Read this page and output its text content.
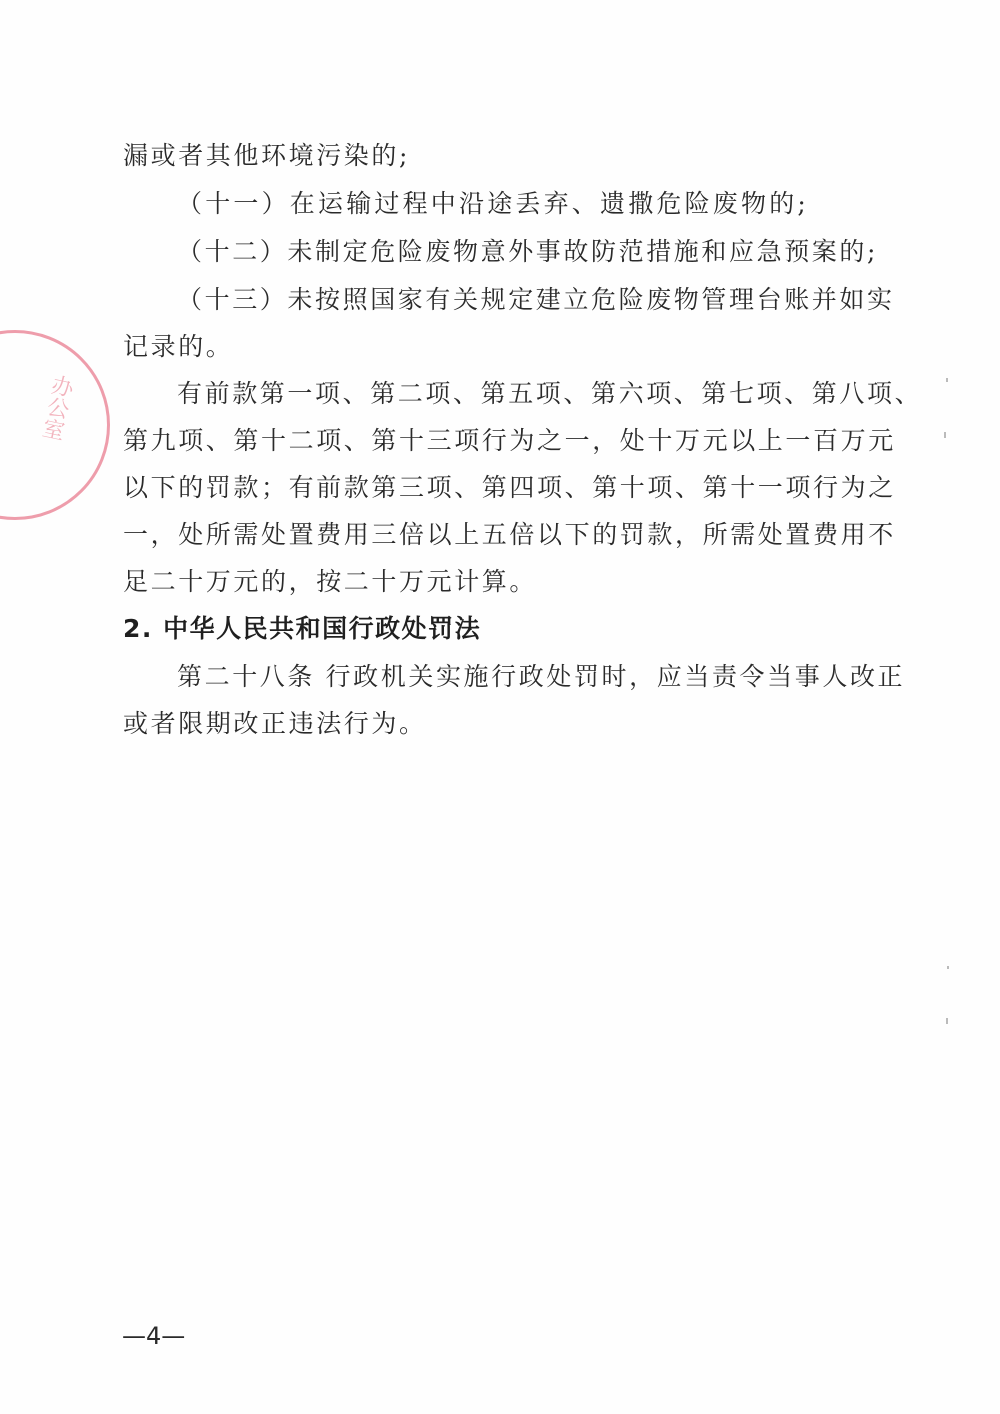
办公室
漏或者其他环境污染的;
（十一）在运输过程中沿途丢弃、遗撒危险废物的;
（十二）未制定危险废物意外事故防范措施和应急预案的;
（十三）未按照国家有关规定建立危险废物管理台账并如实
记录的。
有前款第一项、第二项、第五项、第六项、第七项、第八项、
第九项、第十二项、第十三项行为之一，处十万元以上一百万元
以下的罚款；有前款第三项、第四项、第十项、第十一项行为之
一，处所需处置费用三倍以上五倍以下的罚款，所需处置费用不
足二十万元的，按二十万元计算。
2. 中华人民共和国行政处罚法
第二十八条 行政机关实施行政处罚时，应当责令当事人改正
或者限期改正违法行为。
—4—
